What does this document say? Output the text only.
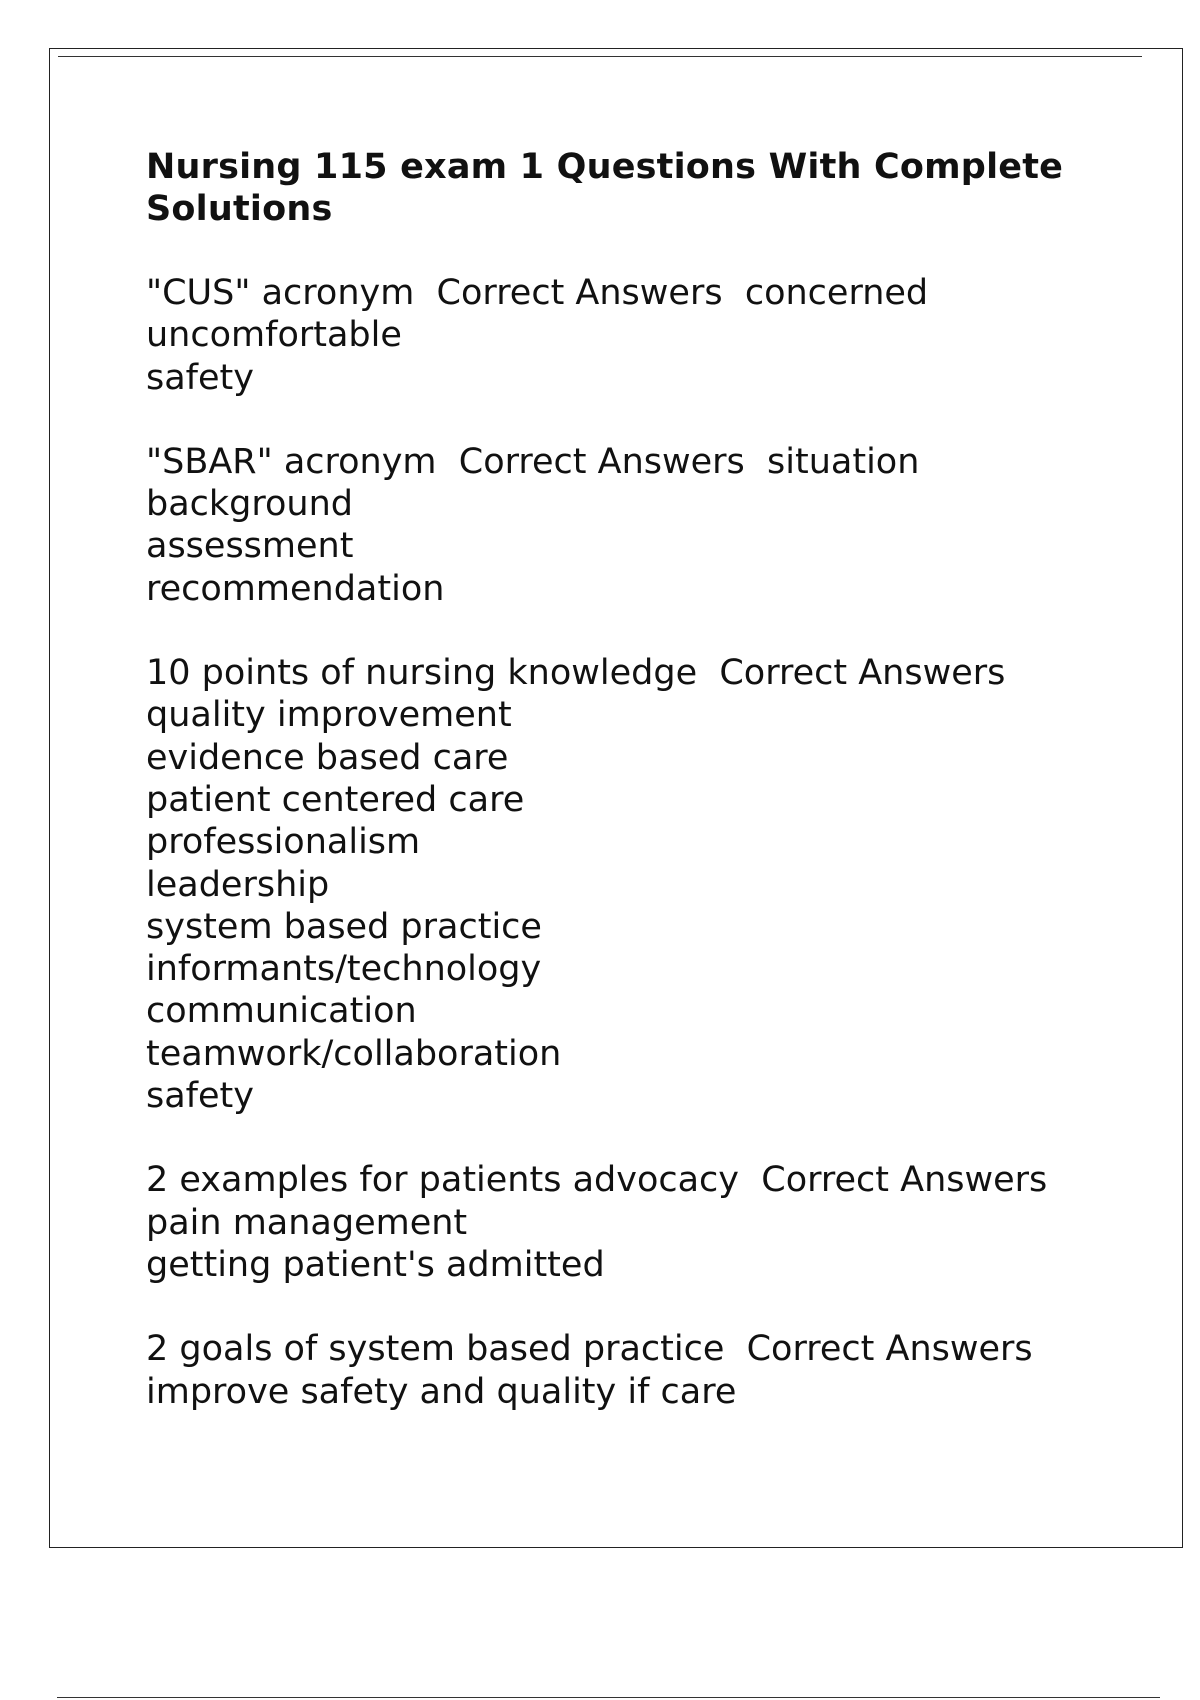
Nursing 115 exam 1 Questions With Complete
Solutions
"CUS" acronym  Correct Answers  concerned
uncomfortable
safety
"SBAR" acronym  Correct Answers  situation
background
assessment
recommendation
10 points of nursing knowledge  Correct Answers
quality improvement
evidence based care
patient centered care
professionalism
leadership
system based practice
informants/technology
communication
teamwork/collaboration
safety
2 examples for patients advocacy  Correct Answers
pain management
getting patient's admitted
2 goals of system based practice  Correct Answers
improve safety and quality if care
